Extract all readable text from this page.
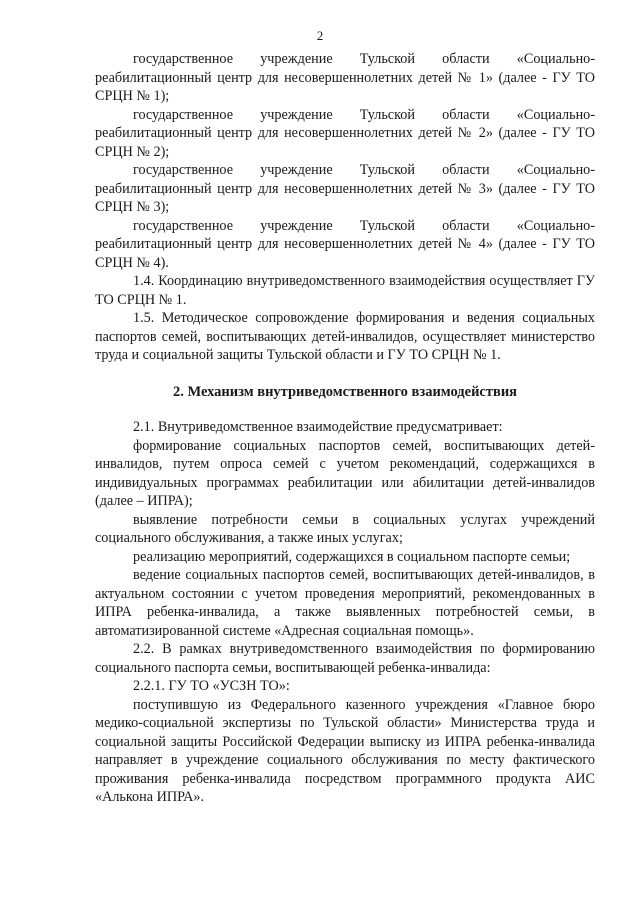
2

государственное учреждение Тульской области «Социально-реабилитационный центр для несовершеннолетних детей № 1» (далее - ГУ ТО СРЦН № 1);

государственное учреждение Тульской области «Социально-реабилитационный центр для несовершеннолетних детей № 2» (далее - ГУ ТО СРЦН № 2);

государственное учреждение Тульской области «Социально-реабилитационный центр для несовершеннолетних детей № 3» (далее - ГУ ТО СРЦН № 3);

государственное учреждение Тульской области «Социально-реабилитационный центр для несовершеннолетних детей № 4» (далее - ГУ ТО СРЦН № 4).

1.4. Координацию внутриведомственного взаимодействия осуществляет ГУ ТО СРЦН № 1.

1.5. Методическое сопровождение формирования и ведения социальных паспортов семей, воспитывающих детей-инвалидов, осуществляет министерство труда и социальной защиты Тульской области и ГУ ТО СРЦН № 1.

2. Механизм внутриведомственного взаимодействия

2.1. Внутриведомственное взаимодействие предусматривает:

формирование социальных паспортов семей, воспитывающих детей-инвалидов, путем опроса семей с учетом рекомендаций, содержащихся в индивидуальных программах реабилитации или абилитации детей-инвалидов (далее – ИПРА);

выявление потребности семьи в социальных услугах учреждений социального обслуживания, а также иных услугах;

реализацию мероприятий, содержащихся в социальном паспорте семьи;

ведение социальных паспортов семей, воспитывающих детей-инвалидов, в актуальном состоянии с учетом проведения мероприятий, рекомендованных в ИПРА ребенка-инвалида, а также выявленных потребностей семьи, в автоматизированной системе «Адресная социальная помощь».

2.2. В рамках внутриведомственного взаимодействия по формированию социального паспорта семьи, воспитывающей ребенка-инвалида:

2.2.1. ГУ ТО «УСЗН ТО»:

поступившую из Федерального казенного учреждения «Главное бюро медико-социальной экспертизы по Тульской области» Министерства труда и социальной защиты Российской Федерации выписку из ИПРА ребенка-инвалида направляет в учреждение социального обслуживания по месту фактического проживания ребенка-инвалида посредством программного продукта АИС «Алькона ИПРА».
